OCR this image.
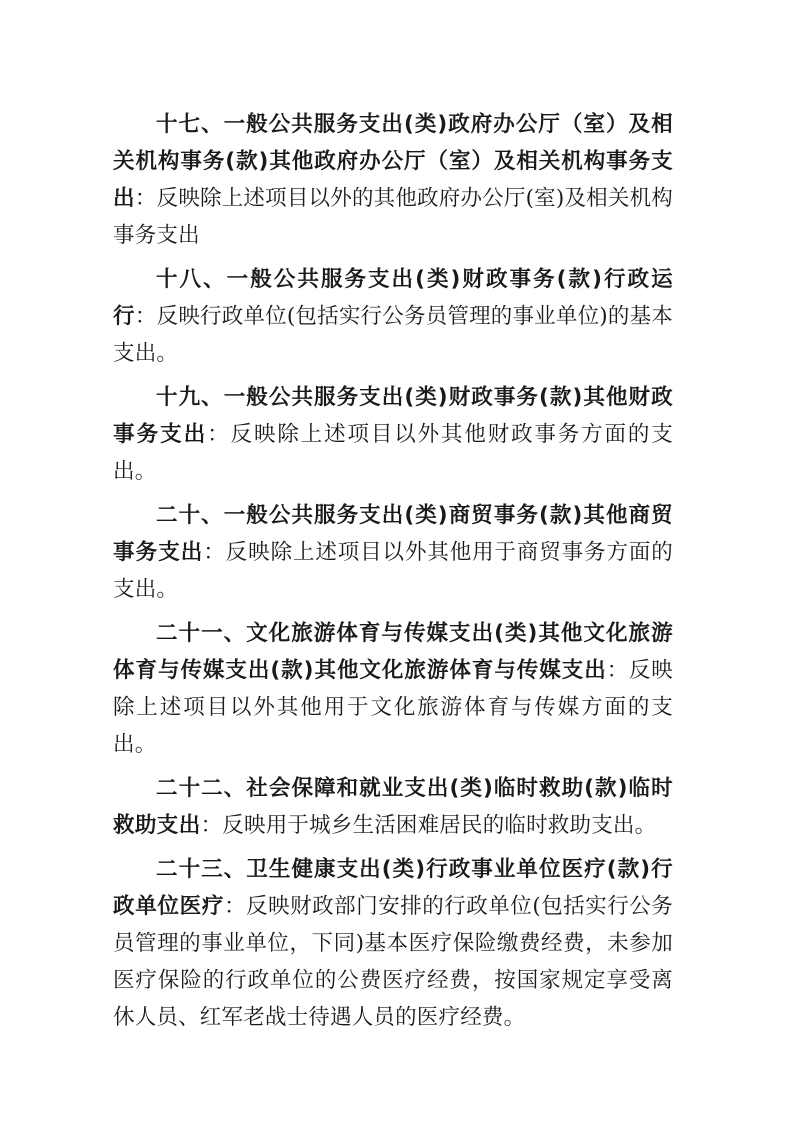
十七、一般公共服务支出(类)政府办公厅（室）及相关机构事务(款)其他政府办公厅（室）及相关机构事务支出：反映除上述项目以外的其他政府办公厅(室)及相关机构事务支出

十八、一般公共服务支出(类)财政事务(款)行政运行：反映行政单位(包括实行公务员管理的事业单位)的基本支出。

十九、一般公共服务支出(类)财政事务(款)其他财政事务支出：反映除上述项目以外其他财政事务方面的支出。

二十、一般公共服务支出(类)商贸事务(款)其他商贸事务支出：反映除上述项目以外其他用于商贸事务方面的支出。

二十一、文化旅游体育与传媒支出(类)其他文化旅游体育与传媒支出(款)其他文化旅游体育与传媒支出：反映除上述项目以外其他用于文化旅游体育与传媒方面的支出。

二十二、社会保障和就业支出(类)临时救助(款)临时救助支出：反映用于城乡生活困难居民的临时救助支出。

二十三、卫生健康支出(类)行政事业单位医疗(款)行政单位医疗：反映财政部门安排的行政单位(包括实行公务员管理的事业单位，下同)基本医疗保险缴费经费，未参加医疗保险的行政单位的公费医疗经费，按国家规定享受离休人员、红军老战士待遇人员的医疗经费。
